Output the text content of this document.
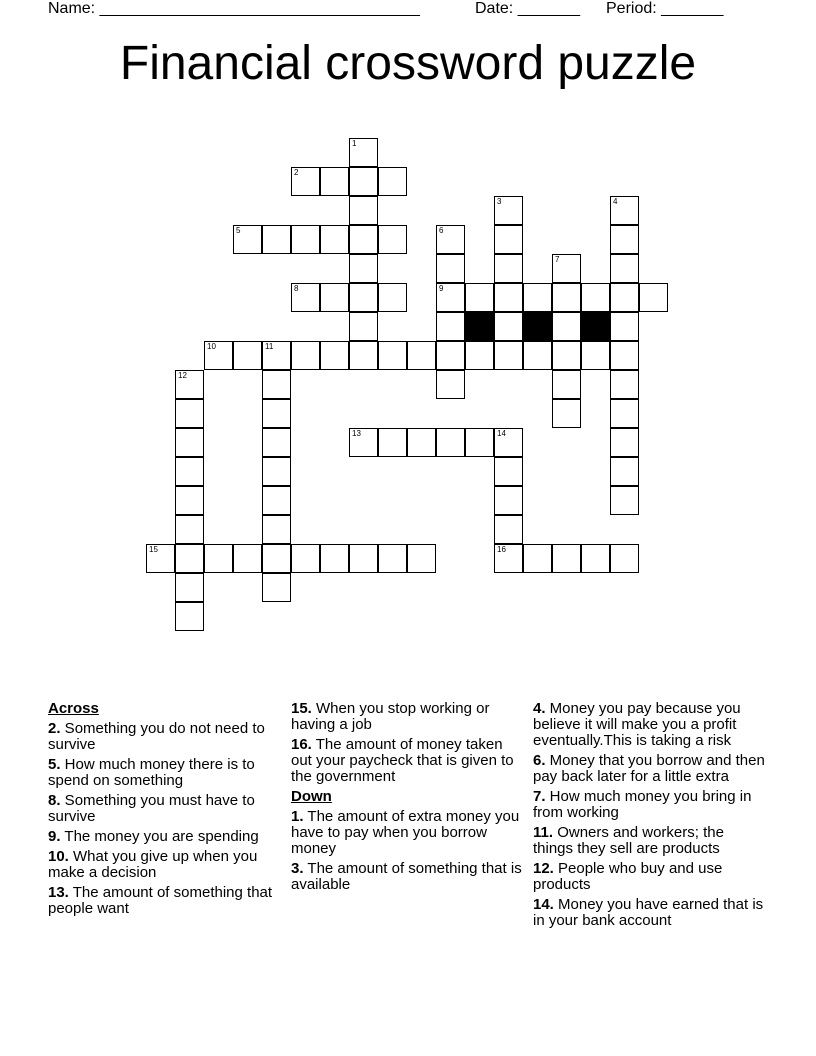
Name: ____________________________________	Date: _______ Period: _______
Financial crossword puzzle
1
2
3	4
5	6
7
8	9
10	11
12
13	14
15	16
Across
2. Something you do not need to survive
5. How much money there is to spend on something
8. Something you must have to survive
9. The money you are spending
10. What you give up when you make a decision
13. The amount of something that people want
15. When you stop working or having a job
16. The amount of money taken out your paycheck that is given to the government
Down
1. The amount of extra money you have to pay when you borrow money
3. The amount of something that is available
4. Money you pay because you believe it will make you a profit eventually.This is taking a risk
6. Money that you borrow and then pay back later for a little extra
7. How much money you bring in from working
11. Owners and workers; the things they sell are products
12. People who buy and use products
14. Money you have earned that is in your bank account
